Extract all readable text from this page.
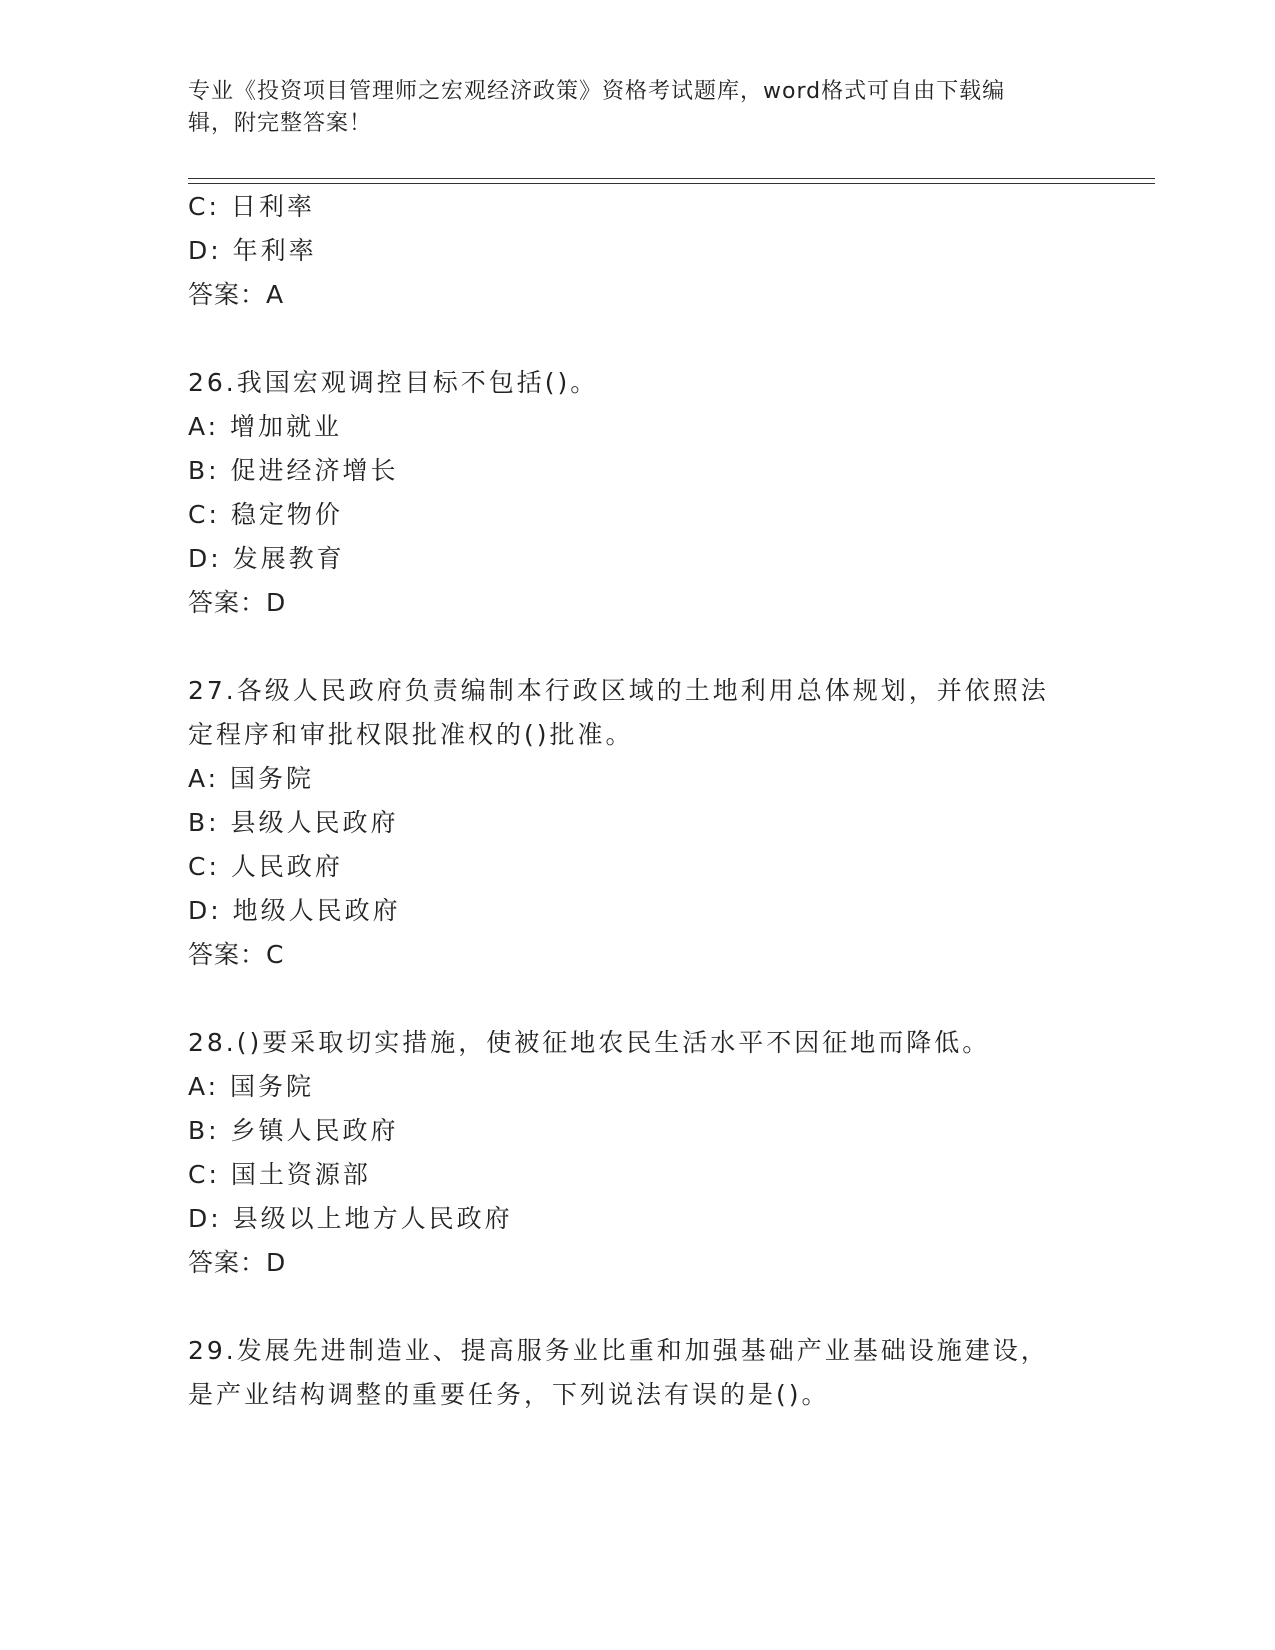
专业《投资项目管理师之宏观经济政策》资格考试题库，word格式可自由下载编
辑，附完整答案！
C: 日利率
D: 年利率
答案：A
26.我国宏观调控目标不包括()。
A: 增加就业
B: 促进经济增长
C: 稳定物价
D: 发展教育
答案：D
27.各级人民政府负责编制本行政区域的土地利用总体规划，并依照法
定程序和审批权限批准权的()批准。
A: 国务院
B: 县级人民政府
C: 人民政府
D: 地级人民政府
答案：C
28.()要采取切实措施，使被征地农民生活水平不因征地而降低。
A: 国务院
B: 乡镇人民政府
C: 国土资源部
D: 县级以上地方人民政府
答案：D
29.发展先进制造业、提高服务业比重和加强基础产业基础设施建设，
是产业结构调整的重要任务，下列说法有误的是()。
